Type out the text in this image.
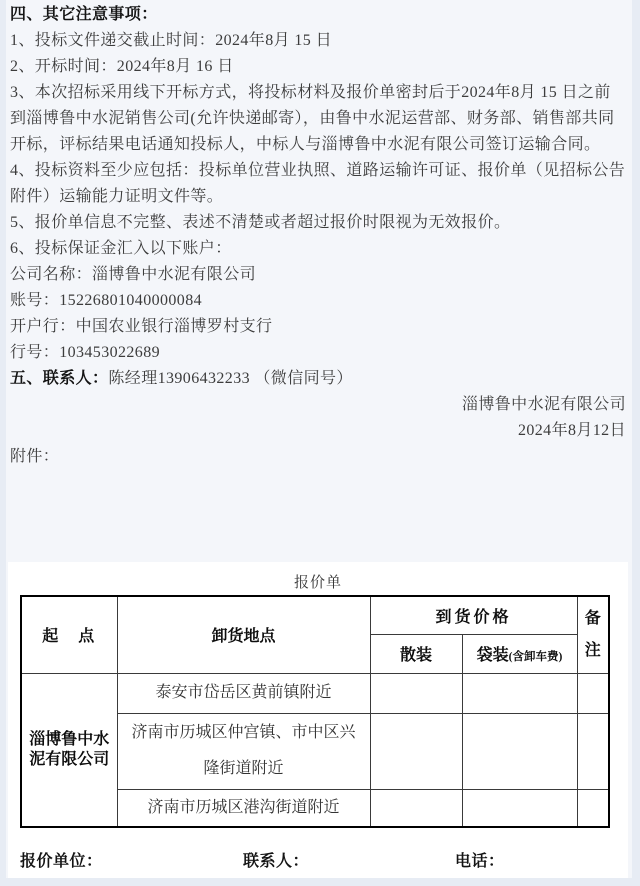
四、其它注意事项：

1、投标文件递交截止时间：2024年8月 15 日

2、开标时间：2024年8月 16 日

3、本次招标采用线下开标方式，将投标材料及报价单密封后于2024年8月 15 日之前到淄博鲁中水泥销售公司(允许快递邮寄），由鲁中水泥运营部、财务部、销售部共同开标，评标结果电话通知投标人，中标人与淄博鲁中水泥有限公司签订运输合同。

4、投标资料至少应包括：投标单位营业执照、道路运输许可证、报价单（见招标公告附件）运输能力证明文件等。

5、报价单信息不完整、表述不清楚或者超过报价时限视为无效报价。

6、投标保证金汇入以下账户：

公司名称：淄博鲁中水泥有限公司

账号：15226801040000084

开户行：中国农业银行淄博罗村支行

行号：103453022689

五、联系人：陈经理13906432233 （微信同号）

淄博鲁中水泥有限公司

2024年8月12日

附件：

报价单
起　点	卸货地点	到货价格		备
注

		散装	袋装(含卸车费)	
淄博鲁中水泥有限公司	泰安市岱岳区黄前镇附近			
	济南市历城区仲宫镇、市中区兴隆街道附近			
	济南市历城区港沟街道附近			
报价单位：	联系人：	电话：
